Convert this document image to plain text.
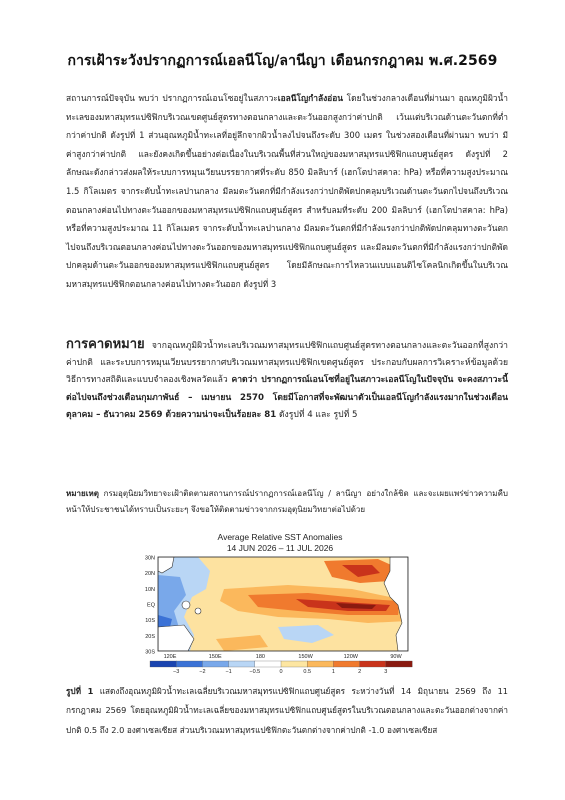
การเฝ้าระวังปรากฏการณ์เอลนีโญ/ลานีญา เดือนกรกฎาคม พ.ศ.2569

สถานการณ์ปัจจุบัน พบว่า ปรากฏการณ์เอนโซอยู่ในสภาวะเอลนีโญกำลังอ่อน โดยในช่วงกลางเดือนที่ผ่านมา อุณหภูมิผิวน้ำทะเลของมหาสมุทรแปซิฟิกบริเวณเขตศูนย์สูตรทางตอนกลางและตะวันออกสูงกว่าค่าปกติ เว้นแต่บริเวณด้านตะวันตกที่ต่ำกว่าค่าปกติ ดังรูปที่ 1 ส่วนอุณหภูมิน้ำทะเลที่อยู่ลึกจากผิวน้ำลงไปจนถึงระดับ 300 เมตร ในช่วงสองเดือนที่ผ่านมา พบว่า มีค่าสูงกว่าค่าปกติ และยังคงเกิดขึ้นอย่างต่อเนื่องในบริเวณพื้นที่ส่วนใหญ่ของมหาสมุทรแปซิฟิกแถบศูนย์สูตร ดังรูปที่ 2 ลักษณะดังกล่าวส่งผลให้ระบบการหมุนเวียนบรรยากาศที่ระดับ 850 มิลลิบาร์ (เฮกโตปาสคาล: hPa) หรือที่ความสูงประมาณ 1.5 กิโลเมตร จากระดับน้ำทะเลปานกลาง มีลมตะวันตกที่มีกำลังแรงกว่าปกติพัดปกคลุมบริเวณด้านตะวันตกไปจนถึงบริเวณตอนกลางค่อนไปทางตะวันออกของมหาสมุทรแปซิฟิกแถบศูนย์สูตร สำหรับลมที่ระดับ 200 มิลลิบาร์ (เฮกโตปาสคาล: hPa) หรือที่ความสูงประมาณ 11 กิโลเมตร จากระดับน้ำทะเลปานกลาง มีลมตะวันตกที่มีกำลังแรงกว่าปกติพัดปกคลุมทางตะวันตกไปจนถึงบริเวณตอนกลางค่อนไปทางตะวันออกของมหาสมุทรแปซิฟิกแถบศูนย์สูตร และมีลมตะวันตกที่มีกำลังแรงกว่าปกติพัดปกคลุมด้านตะวันออกของมหาสมุทรแปซิฟิกแถบศูนย์สูตร โดยมีลักษณะการไหลวนแบบแอนติไซโคลนิกเกิดขึ้นในบริเวณมหาสมุทรแปซิฟิกตอนกลางค่อนไปทางตะวันออก ดังรูปที่ 3

การคาดหมาย จากอุณหภูมิผิวน้ำทะเลบริเวณมหาสมุทรแปซิฟิกแถบศูนย์สูตรทางตอนกลางและตะวันออกที่สูงกว่าค่าปกติ และระบบการหมุนเวียนบรรยากาศบริเวณมหาสมุทรแปซิฟิกเขตศูนย์สูตร ประกอบกับผลการวิเคราะห์ข้อมูลด้วยวิธีการทางสถิติและแบบจำลองเชิงพลวัตแล้ว คาดว่า ปรากฏการณ์เอนโซที่อยู่ในสภาวะเอลนีโญในปัจจุบัน จะคงสภาวะนี้ต่อไปจนถึงช่วงเดือนกุมภาพันธ์ – เมษายน 2570 โดยมีโอกาสที่จะพัฒนาตัวเป็นเอลนีโญกำลังแรงมากในช่วงเดือนตุลาคม – ธันวาคม 2569 ด้วยความน่าจะเป็นร้อยละ 81 ดังรูปที่ 4 และ รูปที่ 5

หมายเหตุ กรมอุตุนิยมวิทยาจะเฝ้าติดตามสถานการณ์ปรากฏการณ์เอลนีโญ / ลานีญา อย่างใกล้ชิด และจะเผยแพร่ข่าวความคืบหน้าให้ประชาชนได้ทราบเป็นระยะๆ จึงขอให้ติดตามข่าวจากกรมอุตุนิยมวิทยาต่อไปด้วย

Average Relative SST Anomalies
14 JUN 2026 – 11 JUL 2026
30N
20N
10N
EQ
10S
20S
30S
120E	150E	180	150W	120W	90W
−3	−2	−1	−0.5	0	0.5	1	2	3

รูปที่ 1 แสดงถึงอุณหภูมิผิวน้ำทะเลเฉลี่ยบริเวณมหาสมุทรแปซิฟิกแถบศูนย์สูตร ระหว่างวันที่ 14 มิถุนายน 2569 ถึง 11 กรกฎาคม 2569 โดยอุณหภูมิผิวน้ำทะเลเฉลี่ยของมหาสมุทรแปซิฟิกแถบศูนย์สูตรในบริเวณตอนกลางและตะวันออกต่างจากค่าปกติ 0.5 ถึง 2.0 องศาเซลเซียส ส่วนบริเวณมหาสมุทรแปซิฟิกตะวันตกต่างจากค่าปกติ -1.0 องศาเซลเซียส
